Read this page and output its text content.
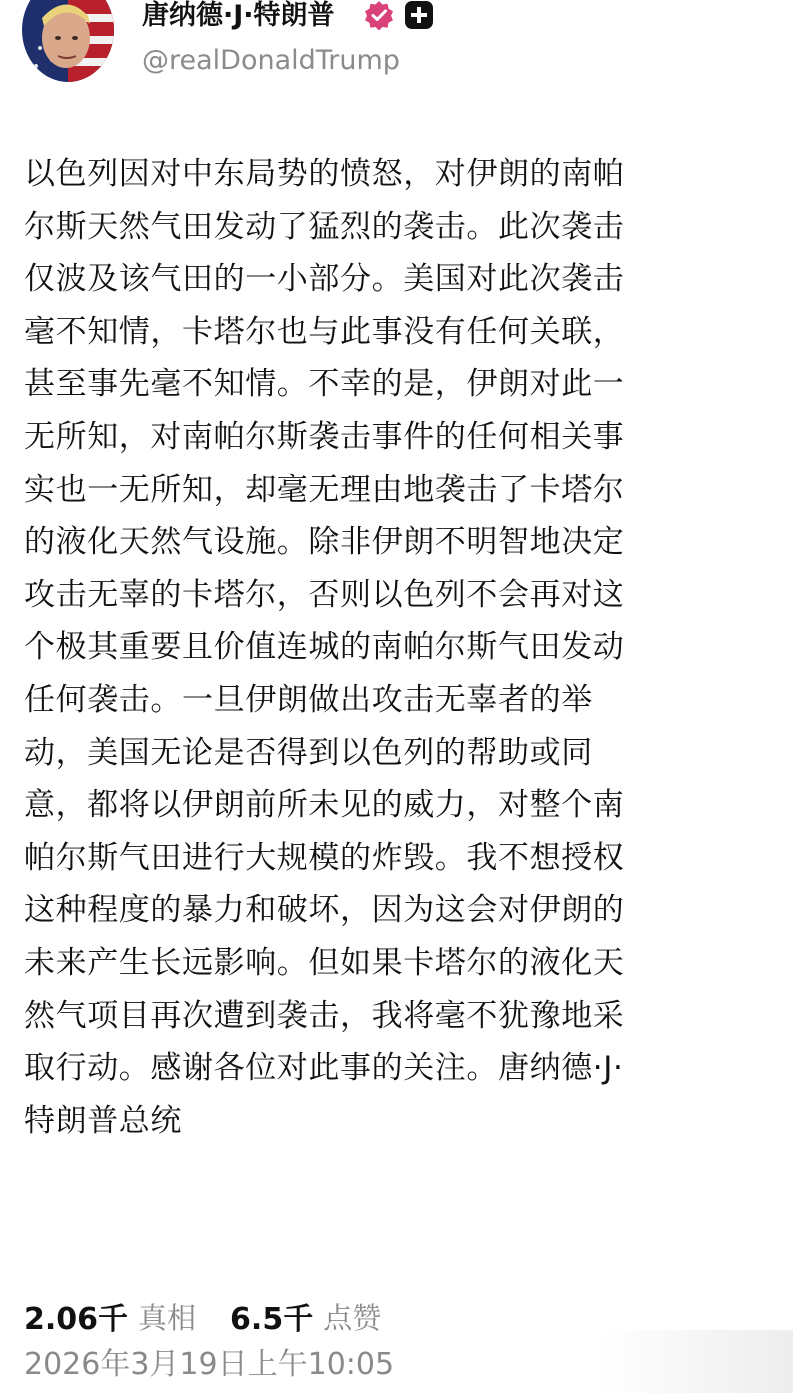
唐纳德·J·特朗普
@realDonaldTrump
以色列因对中东局势的愤怒，对伊朗的南帕
尔斯天然气田发动了猛烈的袭击。此次袭击
仅波及该气田的一小部分。美国对此次袭击
毫不知情，卡塔尔也与此事没有任何关联，
甚至事先毫不知情。不幸的是，伊朗对此一
无所知，对南帕尔斯袭击事件的任何相关事
实也一无所知，却毫无理由地袭击了卡塔尔
的液化天然气设施。除非伊朗不明智地决定
攻击无辜的卡塔尔，否则以色列不会再对这
个极其重要且价值连城的南帕尔斯气田发动
任何袭击。一旦伊朗做出攻击无辜者的举
动，美国无论是否得到以色列的帮助或同
意，都将以伊朗前所未见的威力，对整个南
帕尔斯气田进行大规模的炸毁。我不想授权
这种程度的暴力和破坏，因为这会对伊朗的
未来产生长远影响。但如果卡塔尔的液化天
然气项目再次遭到袭击，我将毫不犹豫地采
取行动。感谢各位对此事的关注。唐纳德·J·
特朗普总统
2.06千 真相 6.5千 点赞
2026年3月19日上午10:05
